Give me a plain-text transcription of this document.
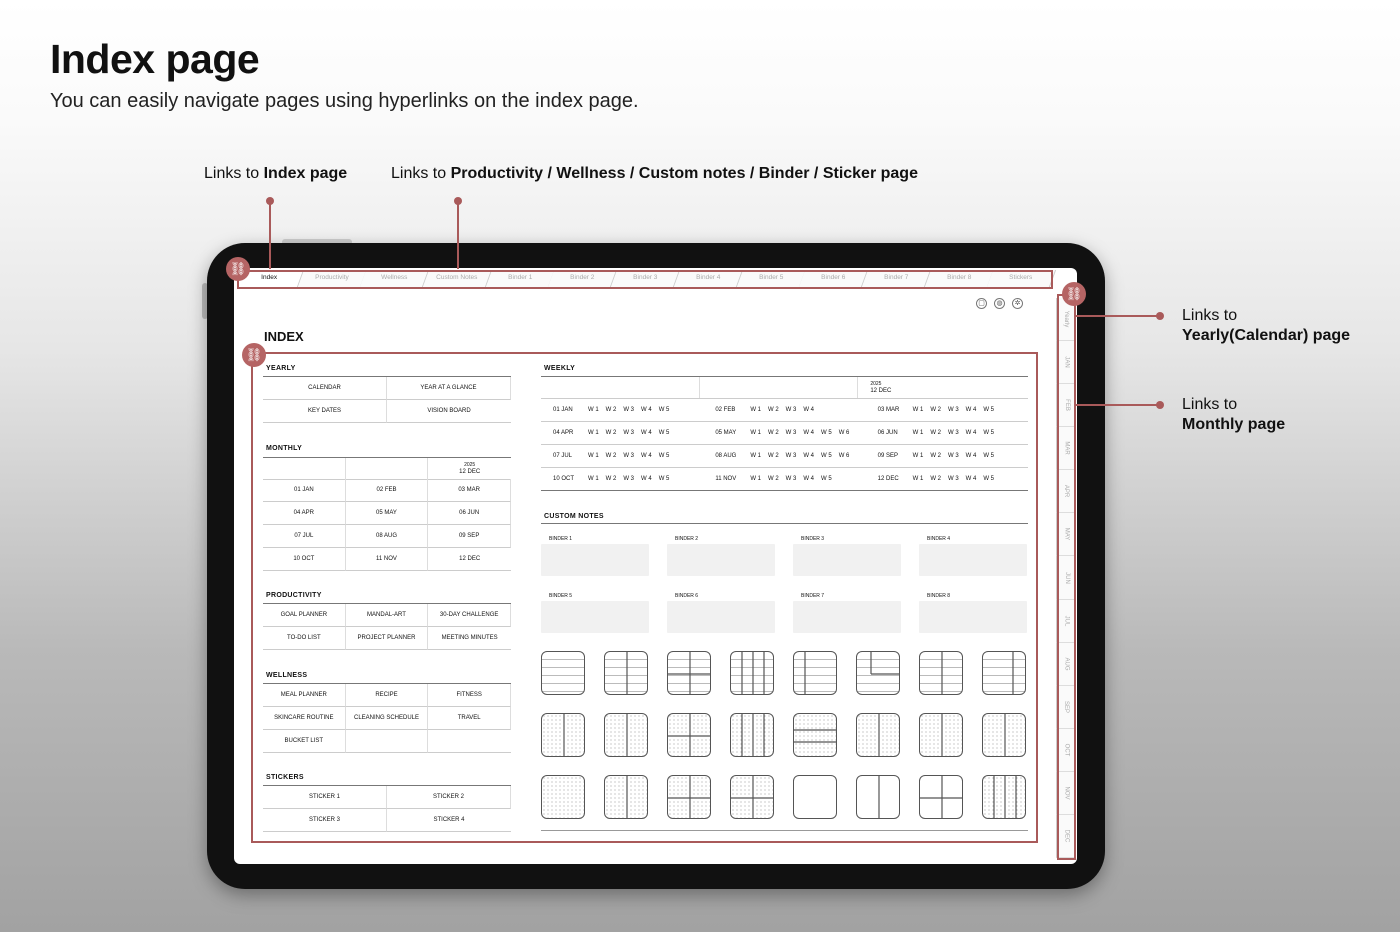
Index page
You can easily navigate pages using hyperlinks on the index page.
Links to Index page	Links to Productivity / Wellness / Custom notes / Binder / Sticker page
Links to
Yearly(Calendar) page
Links to
Monthly page
Index	Productivity	Wellness	Custom Notes	Binder 1	Binder 2	Binder 3	Binder 4	Binder 5	Binder 6	Binder 7	Binder 8	Stickers
Yearly
JAN
FEB
MAR
APR
MAY
JUN
JUL
AUG
SEP
OCT
NOV
DEC
▢	◍	✲
INDEX
YEARLY
CALENDAR	YEAR AT A GLANCE
KEY DATES	VISION BOARD
MONTHLY
2025
12 DEC
01 JAN	02 FEB	03 MAR
04 APR	05 MAY	06 JUN
07 JUL	08 AUG	09 SEP
10 OCT	11 NOV	12 DEC
PRODUCTIVITY
GOAL PLANNER	MANDAL-ART	30-DAY CHALLENGE
TO-DO LIST	PROJECT PLANNER	MEETING MINUTES
WELLNESS
MEAL PLANNER	RECIPE	FITNESS
SKINCARE ROUTINE	CLEANING SCHEDULE	TRAVEL
BUCKET LIST
STICKERS
STICKER 1	STICKER 2
STICKER 3	STICKER 4
WEEKLY
2025
12 DEC
01 JAN	W 1 W 2 W 3 W 4 W 5	02 FEB	W 1 W 2 W 3 W 4	03 MAR	W 1 W 2 W 3 W 4 W 5
04 APR	W 1 W 2 W 3 W 4 W 5	05 MAY	W 1 W 2 W 3 W 4 W 5 W 6	06 JUN	W 1 W 2 W 3 W 4 W 5
07 JUL	W 1 W 2 W 3 W 4 W 5	08 AUG	W 1 W 2 W 3 W 4 W 5 W 6	09 SEP	W 1 W 2 W 3 W 4 W 5
10 OCT	W 1 W 2 W 3 W 4 W 5	11 NOV	W 1 W 2 W 3 W 4 W 5	12 DEC	W 1 W 2 W 3 W 4 W 5
CUSTOM NOTES
BINDER 1	BINDER 2	BINDER 3	BINDER 4
BINDER 5	BINDER 6	BINDER 7	BINDER 8
⛓
⛓
⛓
